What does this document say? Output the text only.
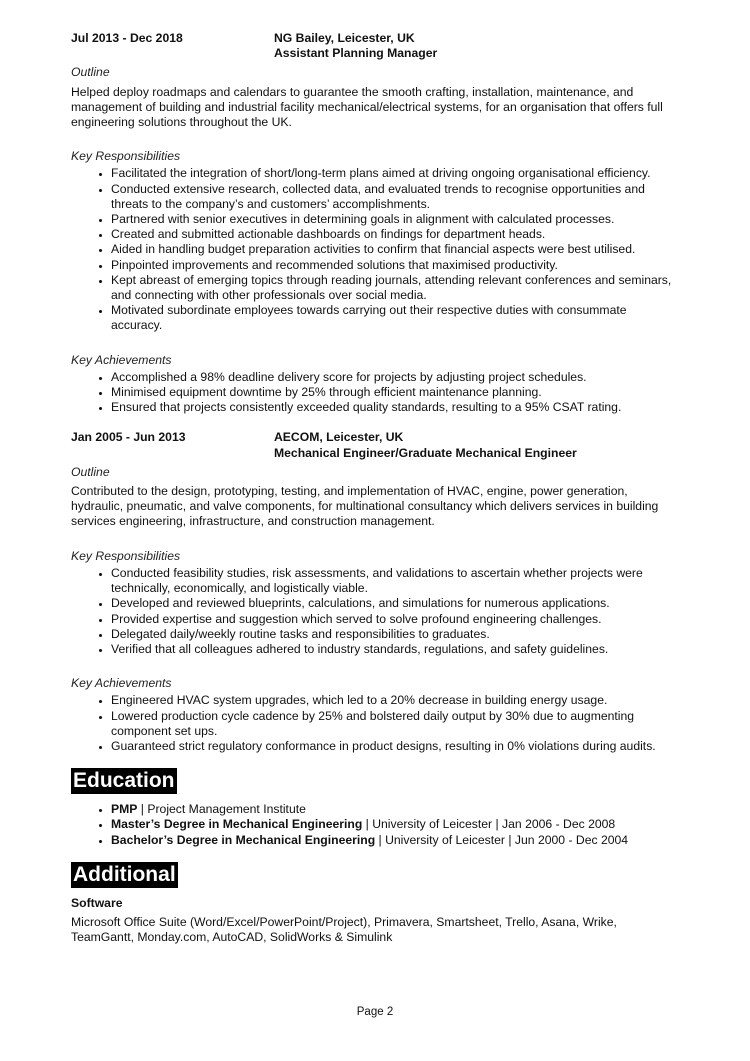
Jul 2013 - Dec 2018	NG Bailey, Leicester, UK
Assistant Planning Manager
Outline
Helped deploy roadmaps and calendars to guarantee the smooth crafting, installation, maintenance, and management of building and industrial facility mechanical/electrical systems, for an organisation that offers full engineering solutions throughout the UK.
Key Responsibilities
• Facilitated the integration of short/long-term plans aimed at driving ongoing organisational efficiency.
• Conducted extensive research, collected data, and evaluated trends to recognise opportunities and threats to the company’s and customers’ accomplishments.
• Partnered with senior executives in determining goals in alignment with calculated processes.
• Created and submitted actionable dashboards on findings for department heads.
• Aided in handling budget preparation activities to confirm that financial aspects were best utilised.
• Pinpointed improvements and recommended solutions that maximised productivity.
• Kept abreast of emerging topics through reading journals, attending relevant conferences and seminars, and connecting with other professionals over social media.
• Motivated subordinate employees towards carrying out their respective duties with consummate accuracy.
Key Achievements
• Accomplished a 98% deadline delivery score for projects by adjusting project schedules.
• Minimised equipment downtime by 25% through efficient maintenance planning.
• Ensured that projects consistently exceeded quality standards, resulting to a 95% CSAT rating.
Jan 2005 - Jun 2013	AECOM, Leicester, UK
Mechanical Engineer/Graduate Mechanical Engineer
Outline
Contributed to the design, prototyping, testing, and implementation of HVAC, engine, power generation, hydraulic, pneumatic, and valve components, for multinational consultancy which delivers services in building services engineering, infrastructure, and construction management.
Key Responsibilities
• Conducted feasibility studies, risk assessments, and validations to ascertain whether projects were technically, economically, and logistically viable.
• Developed and reviewed blueprints, calculations, and simulations for numerous applications.
• Provided expertise and suggestion which served to solve profound engineering challenges.
• Delegated daily/weekly routine tasks and responsibilities to graduates.
• Verified that all colleagues adhered to industry standards, regulations, and safety guidelines.
Key Achievements
• Engineered HVAC system upgrades, which led to a 20% decrease in building energy usage.
• Lowered production cycle cadence by 25% and bolstered daily output by 30% due to augmenting component set ups.
• Guaranteed strict regulatory conformance in product designs, resulting in 0% violations during audits.
Education
• PMP | Project Management Institute
• Master’s Degree in Mechanical Engineering | University of Leicester | Jan 2006 - Dec 2008
• Bachelor’s Degree in Mechanical Engineering | University of Leicester | Jun 2000 - Dec 2004
Additional
Software
Microsoft Office Suite (Word/Excel/PowerPoint/Project), Primavera, Smartsheet, Trello, Asana, Wrike, TeamGantt, Monday.com, AutoCAD, SolidWorks & Simulink
Page 2
